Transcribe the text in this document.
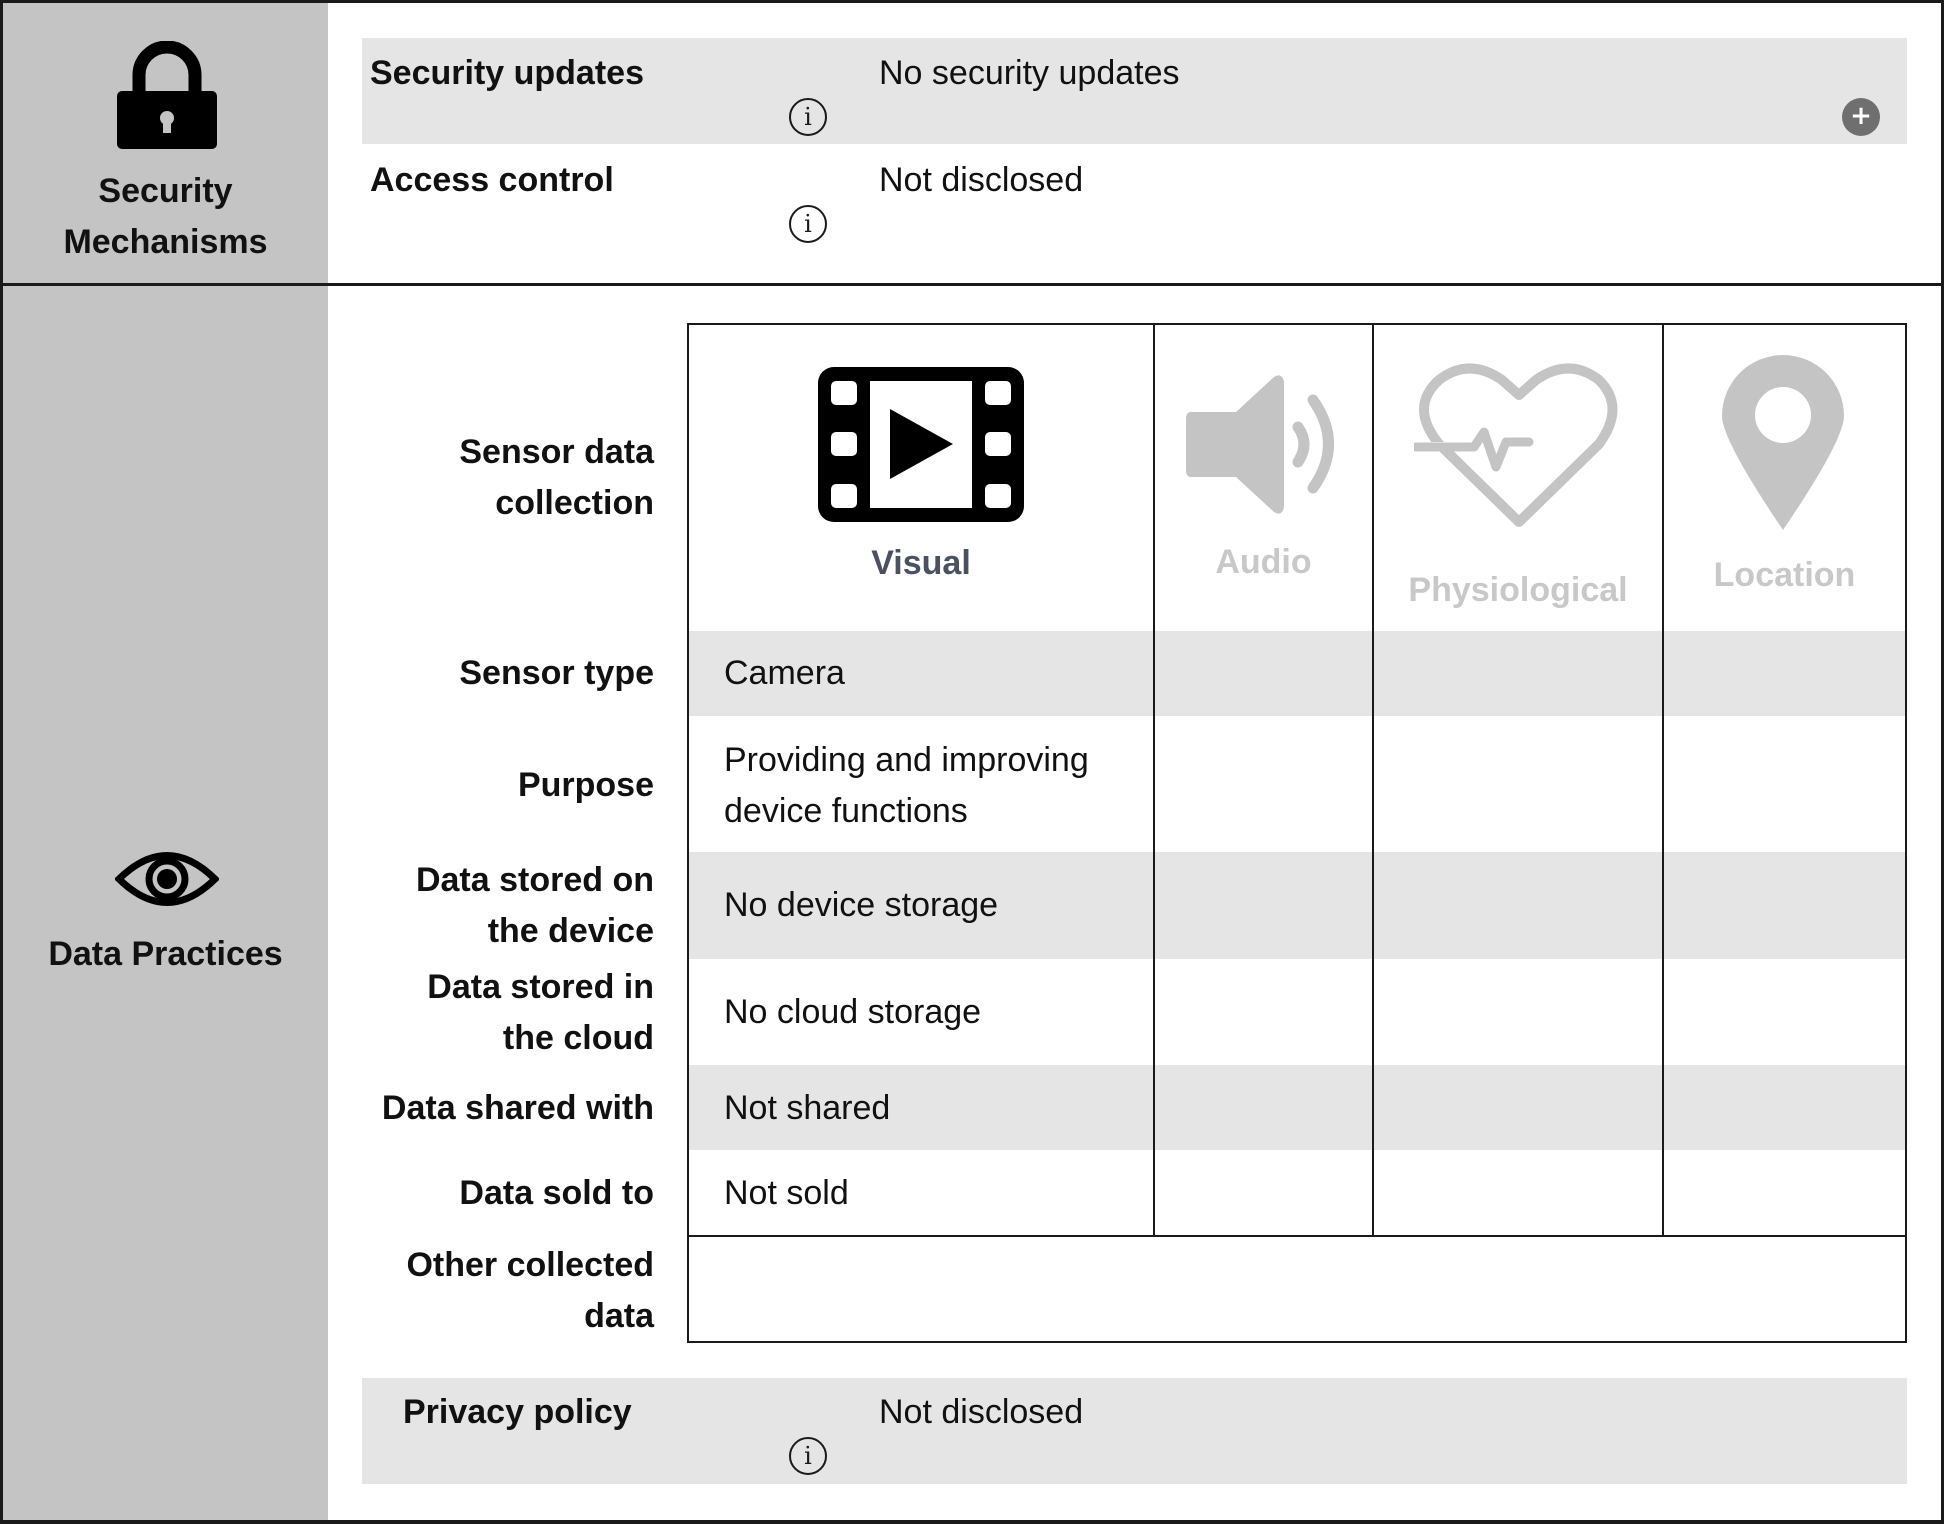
Security
Mechanisms
Security updates
i
No security updates
+
Access control
i
Not disclosed
Data Practices
Sensor data
collection
Sensor type
Purpose
Data stored on
the device
Data stored in
the cloud
Data shared with
Data sold to
Other collected
data
Visual	Audio
Physiological	Location
Camera
Providing and improving
device functions
No device storage
No cloud storage
Not shared
Not sold
Privacy policy
i
Not disclosed
